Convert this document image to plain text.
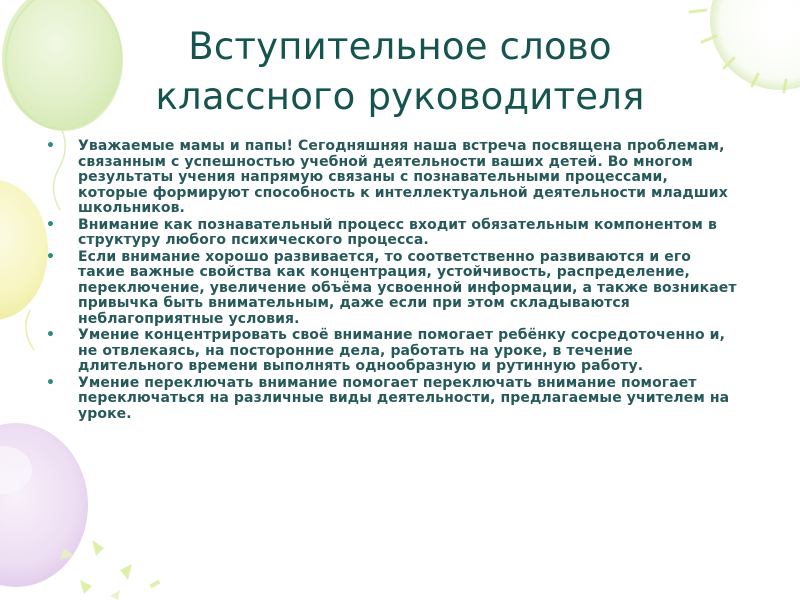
Вступительное слово
классного руководителя
•	Уважаемые мамы и папы! Сегодняшняя наша встреча посвящена проблемам, связанным с успешностью учебной деятельности ваших детей. Во многом результаты учения напрямую связаны с познавательными процессами, которые формируют способность к интеллектуальной деятельности младших школьников.
•	Внимание как познавательный процесс входит обязательным компонентом в структуру любого психического процесса.
•	Если внимание хорошо развивается, то соответственно развиваются и его такие важные свойства как концентрация, устойчивость, распределение, переключение, увеличение объёма усвоенной информации, а также возникает привычка быть внимательным, даже если при этом складываются неблагоприятные условия.
•	Умение концентрировать своё внимание помогает ребёнку сосредоточенно и, не отвлекаясь, на посторонние дела, работать на уроке, в течение длительного времени выполнять однообразную и рутинную работу.
•	Умение переключать внимание помогает переключать внимание помогает переключаться на различные виды деятельности, предлагаемые учителем на уроке.
